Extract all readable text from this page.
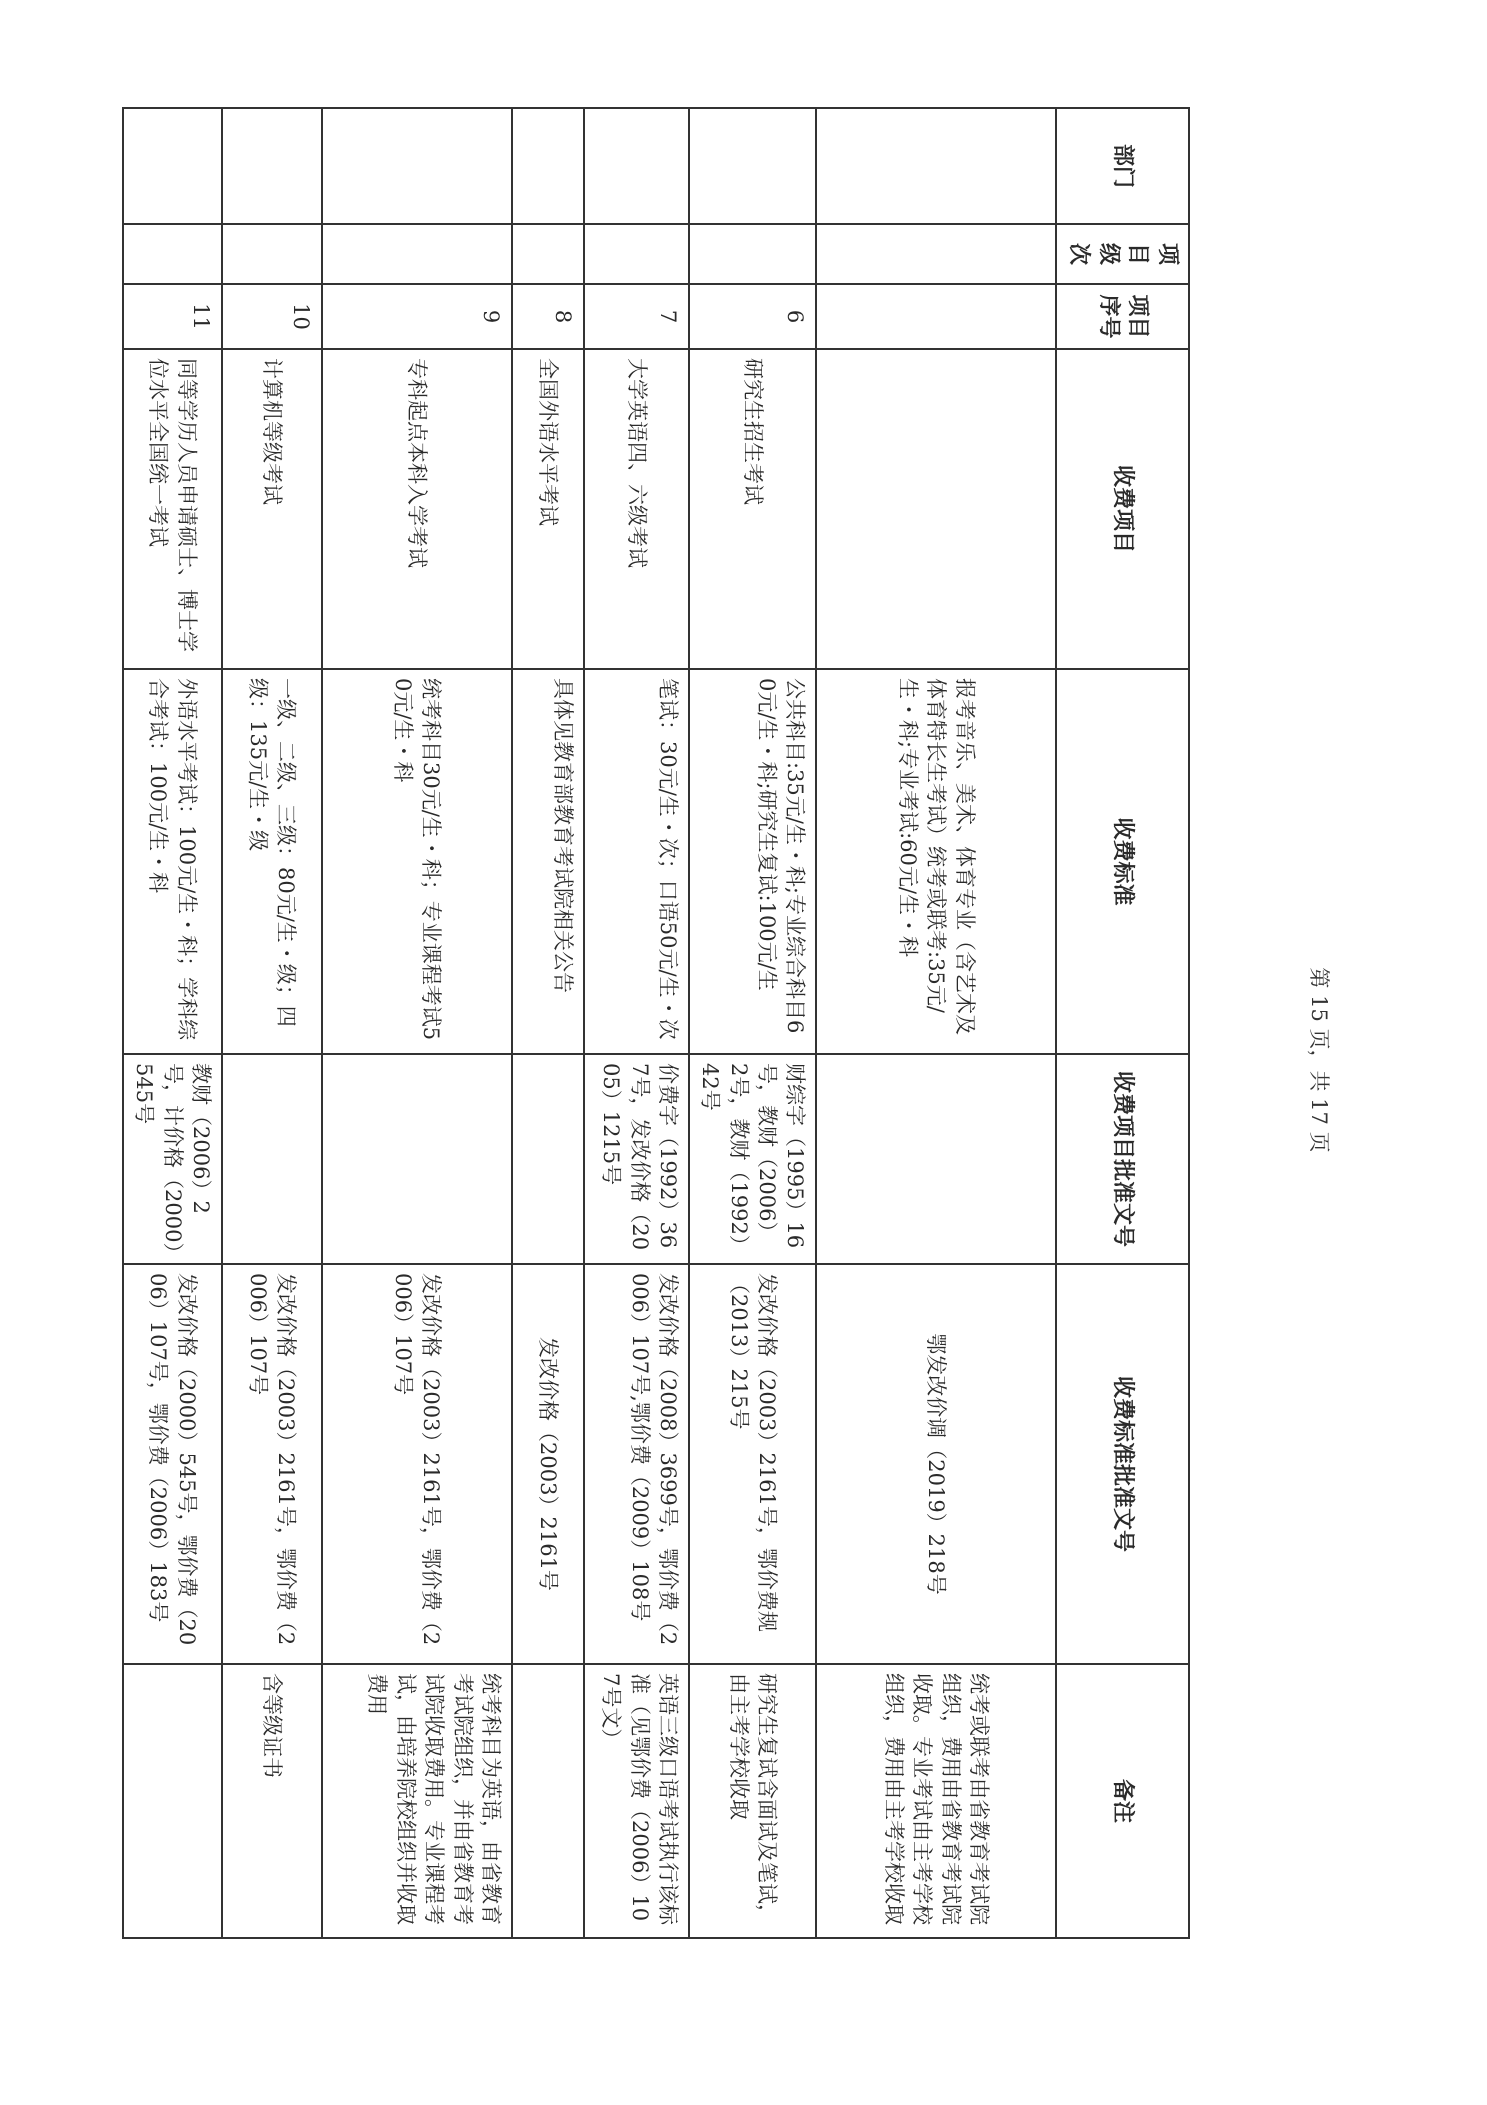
部门	项目级次	项目序号	收费项目	收费标准	收费项目批准文号	收费标准批准文号	备注
				报考音乐、美术、体育专业（含艺术及体育特长生考试）统考或联考:35元/生・科;专业考试:60元/生・科		鄂发改价调（2019）218号	统考或联考由省教育考试院组织，费用由省教育考试院收取。专业考试由主考学校组织，费用由主考学校收取
		6	研究生招生考试	公共科目:35元/生・科;专业综合科目60元/生・科;研究生复试:100元/生	财综字（1995）16号，教财（2006）2号，教财（1992）42号	发改价格（2003）2161号，鄂价费规（2013）215号	研究生复试含面试及笔试，由主考学校收取
		7	大学英语四、六级考试	笔试：30元/生・次；口语50元/生・次	价费字（1992）367号，发改价格（2005）1215号	发改价格（2008）3699号，鄂价费（2006）107号,鄂价费（2009）108号	英语三级口语考试执行该标准（见鄂价费（2006）107号文）
		8	全国外语水平考试	具体见教育部教育考试院相关公告		发改价格（2003）2161号	
		9	专科起点本科入学考试	统考科目30元/生・科；专业课程考试50元/生・科		发改价格（2003）2161号，鄂价费（2006）107号	统考科目为英语，由省教育考试院组织，并由省教育考试院收取费用。专业课程考试，由培养院校组织并收取费用
		10	计算机等级考试	一级、二级、三级：80元/生・级；四级：135元/生・级		发改价格（2003）2161号，鄂价费（2006）107号	含等级证书
		11	同等学历人员申请硕士、博士学位水平全国统一考试	外语水平考试：100元/生・科；学科综合考试：100元/生・科	教财（2006）2号，计价格（2000）545号	发改价格（2000）545号，鄂价费（2006）107号，鄂价费（2006）183号	
第 15 页，共 17 页
